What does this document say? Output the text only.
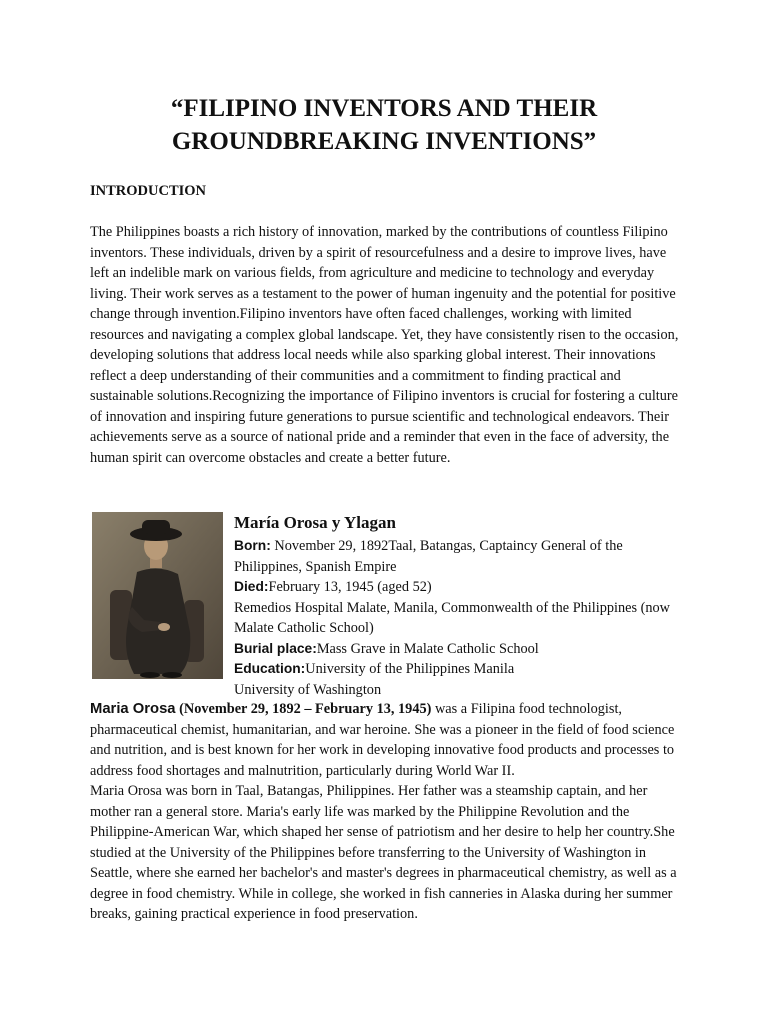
“FILIPINO INVENTORS AND THEIR GROUNDBREAKING INVENTIONS”
INTRODUCTION

The Philippines boasts a rich history of innovation, marked by the contributions of countless Filipino inventors. These individuals, driven by a spirit of resourcefulness and a desire to improve lives, have left an indelible mark on various fields, from agriculture and medicine to technology and everyday living. Their work serves as a testament to the power of human ingenuity and the potential for positive change through invention.Filipino inventors have often faced challenges, working with limited resources and navigating a complex global landscape. Yet, they have consistently risen to the occasion, developing solutions that address local needs while also sparking global interest. Their innovations reflect a deep understanding of their communities and a commitment to finding practical and sustainable solutions.Recognizing the importance of Filipino inventors is crucial for fostering a culture of innovation and inspiring future generations to pursue scientific and technological endeavors. Their achievements serve as a source of national pride and a reminder that even in the face of adversity, the human spirit can overcome obstacles and create a better future.

María Orosa y Ylagan
Born: November 29, 1892Taal, Batangas, Captaincy General of the Philippines, Spanish Empire
Died:February 13, 1945 (aged 52)
Remedios Hospital Malate, Manila, Commonwealth of the Philippines (now Malate Catholic School)
Burial place:Mass Grave in Malate Catholic School
Education:University of the Philippines Manila
University of Washington
Maria Orosa (November 29, 1892 – February 13, 1945) was a Filipina food technologist, pharmaceutical chemist, humanitarian, and war heroine. She was a pioneer in the field of food science and nutrition, and is best known for her work in developing innovative food products and processes to address food shortages and malnutrition, particularly during World War II.
Maria Orosa was born in Taal, Batangas, Philippines. Her father was a steamship captain, and her mother ran a general store. Maria's early life was marked by the Philippine Revolution and the Philippine-American War, which shaped her sense of patriotism and her desire to help her country.She studied at the University of the Philippines before transferring to the University of Washington in Seattle, where she earned her bachelor's and master's degrees in pharmaceutical chemistry, as well as a degree in food chemistry. While in college, she worked in fish canneries in Alaska during her summer breaks, gaining practical experience in food preservation.
